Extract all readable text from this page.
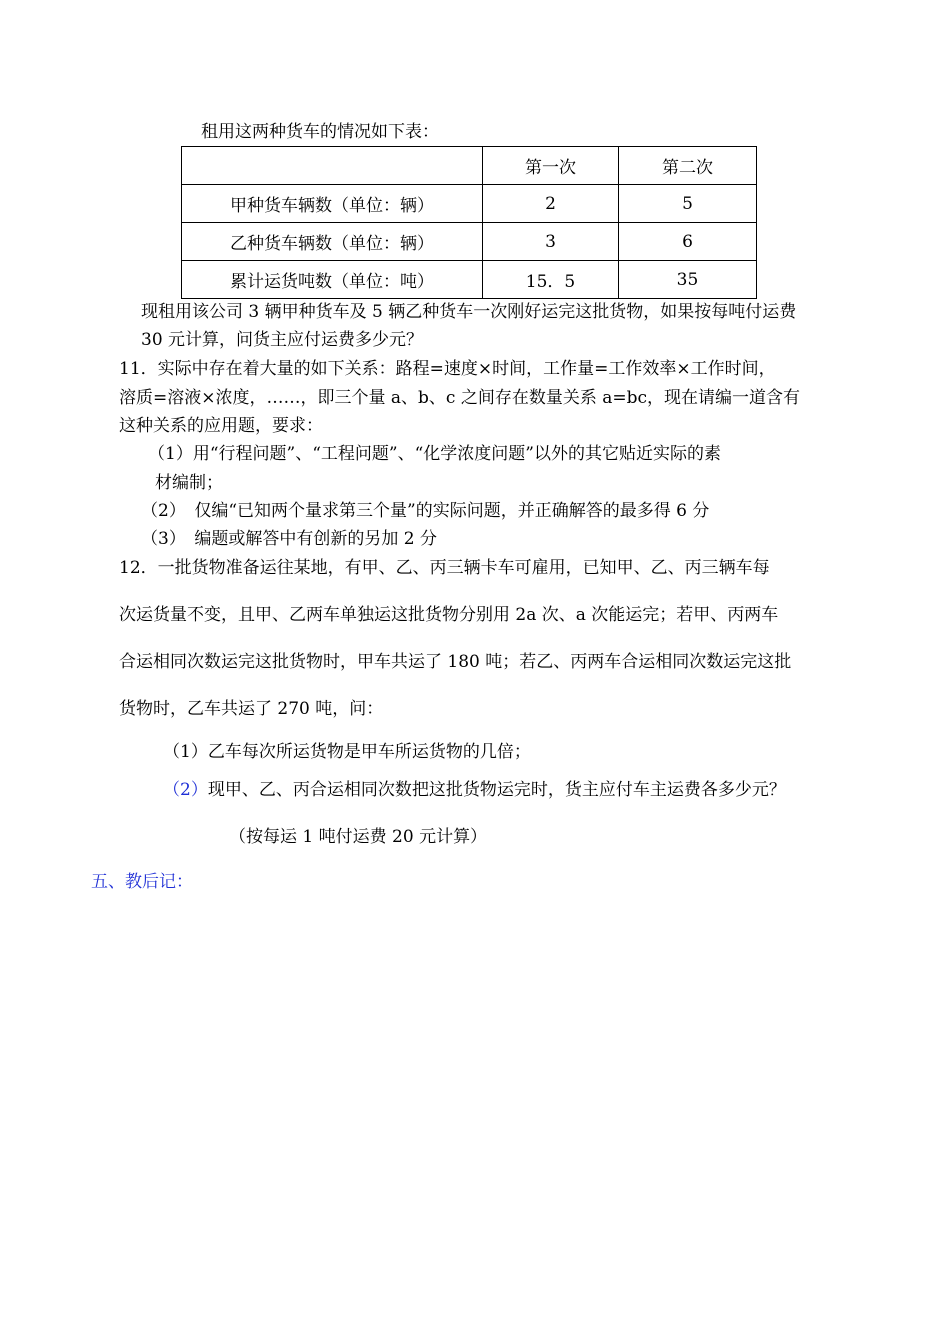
租用这两种货车的情况如下表：
	第一次	第二次
甲种货车辆数（单位：辆）	2	5
乙种货车辆数（单位：辆）	3	6
累计运货吨数（单位：吨）	15．5	35
现租用该公司 3 辆甲种货车及 5 辆乙种货车一次刚好运完这批货物，如果按每吨付运费
30 元计算，问货主应付运费多少元？
11．实际中存在着大量的如下关系：路程=速度×时间，工作量=工作效率×工作时间，
溶质=溶液×浓度，……，即三个量 a、b、c 之间存在数量关系 a=bc，现在请编一道含有
这种关系的应用题，要求：
（1）用“行程问题”、“工程问题”、“化学浓度问题”以外的其它贴近实际的素
材编制；
（2）　仅编“已知两个量求第三个量”的实际问题，并正确解答的最多得 6 分
（3）　编题或解答中有创新的另加 2 分
12．一批货物准备运往某地，有甲、乙、丙三辆卡车可雇用，已知甲、乙、丙三辆车每
次运货量不变，且甲、乙两车单独运这批货物分别用 2a 次、a 次能运完；若甲、丙两车
合运相同次数运完这批货物时，甲车共运了 180 吨；若乙、丙两车合运相同次数运完这批
货物时，乙车共运了 270 吨，问：
（1）乙车每次所运货物是甲车所运货物的几倍；
（2）现甲、乙、丙合运相同次数把这批货物运完时，货主应付车主运费各多少元？
（按每运 1 吨付运费 20 元计算）
五、教后记：
